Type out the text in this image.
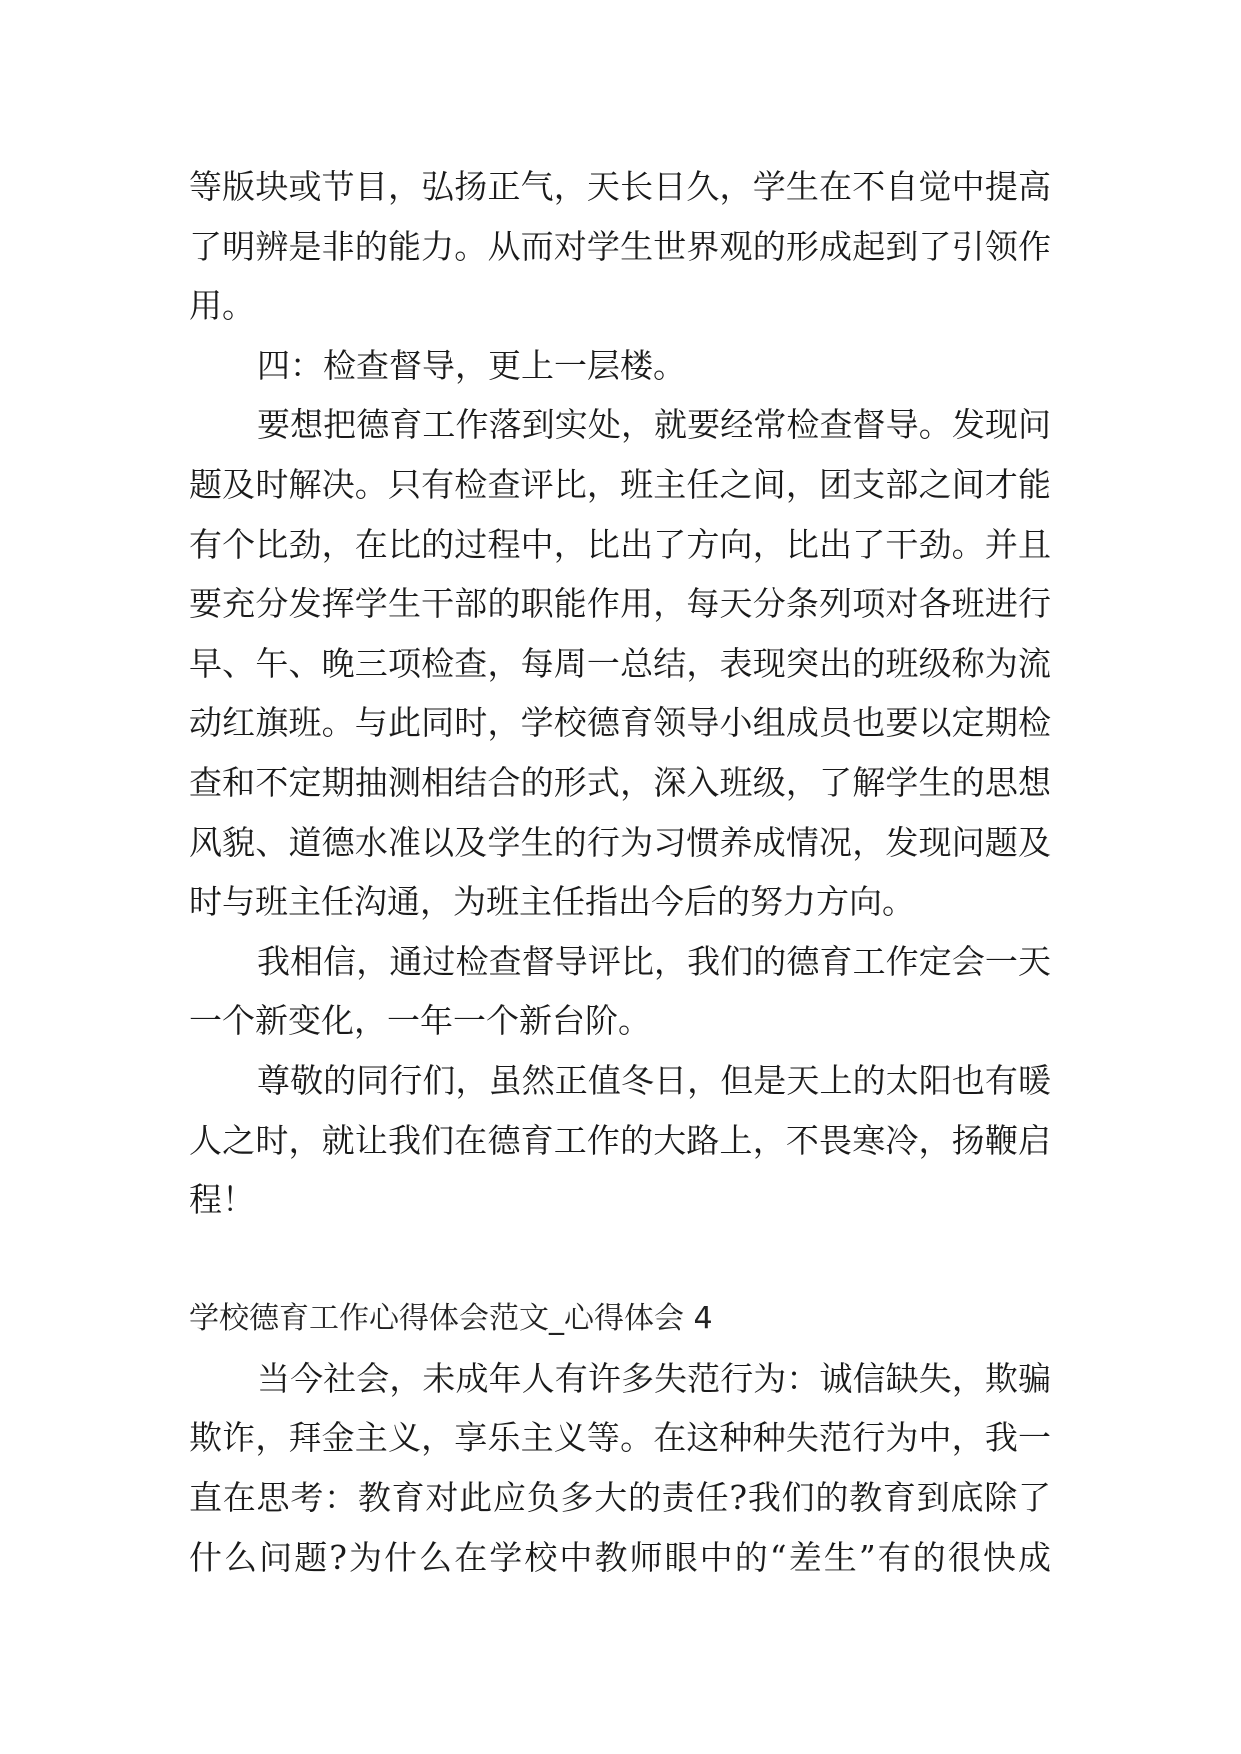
等版块或节目，弘扬正气，天长日久，学生在不自觉中提高
了明辨是非的能力。从而对学生世界观的形成起到了引领作
用。
四：检查督导，更上一层楼。
要想把德育工作落到实处，就要经常检查督导。发现问
题及时解决。只有检查评比，班主任之间，团支部之间才能
有个比劲，在比的过程中，比出了方向，比出了干劲。并且
要充分发挥学生干部的职能作用，每天分条列项对各班进行
早、午、晚三项检查，每周一总结，表现突出的班级称为流
动红旗班。与此同时，学校德育领导小组成员也要以定期检
查和不定期抽测相结合的形式，深入班级，了解学生的思想
风貌、道德水准以及学生的行为习惯养成情况，发现问题及
时与班主任沟通，为班主任指出今后的努力方向。
我相信，通过检查督导评比，我们的德育工作定会一天
一个新变化，一年一个新台阶。
尊敬的同行们，虽然正值冬日，但是天上的太阳也有暖
人之时，就让我们在德育工作的大路上，不畏寒冷，扬鞭启
程！
学校德育工作心得体会范文_心得体会 4
当今社会，未成年人有许多失范行为：诚信缺失，欺骗
欺诈，拜金主义，享乐主义等。在这种种失范行为中，我一
直在思考：教育对此应负多大的责任?我们的教育到底除了
什么问题?为什么在学校中教师眼中的“差生”有的很快成
